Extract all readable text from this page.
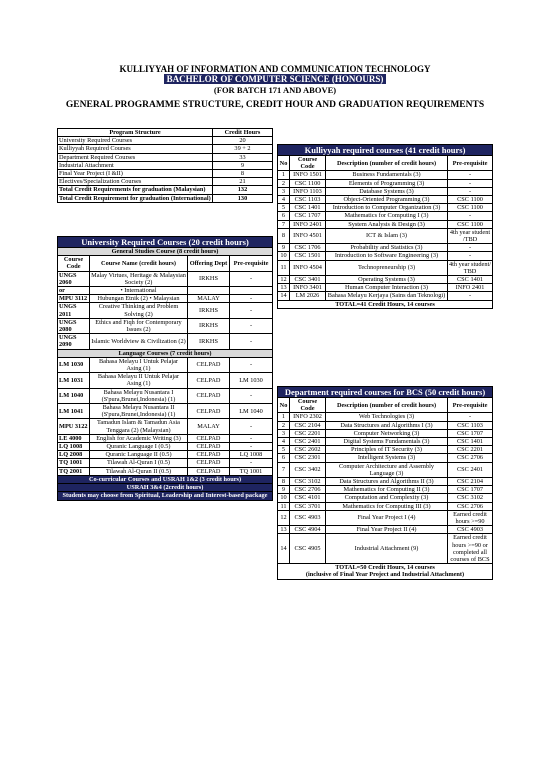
KULLIYYAH OF INFORMATION AND COMMUNICATION TECHNOLOGY
BACHELOR OF COMPUTER SCIENCE (HONOURS)
(FOR BATCH 171 AND ABOVE)
GENERAL PROGRAMME STRUCTURE, CREDIT HOUR AND GRADUATION REQUIREMENTS
Program Structure	Credit Hours
University Required Courses	20
Kulliyyah Required Courses	39 + 2
Department Required Courses	33
Industrial Attachment	9
Final Year Project (I &II)	8
Electives/Specialization Courses	21
Total Credit Requirements for graduation (Malaysian)	132
Total Credit Requirement for graduation (International)	130
University Required Courses (20 credit hours)			
General Studies Course (8 credit hours)			
Course Code	Course Name (credit hours)	Offering Dept	Pre-requisite
UNGS 2060	Malay Virtues, Heritage & Malaysian Society (2)	IRKHS	-
or	• International		
MPU 3112	Hubungan Etnik (2) • Malaysian	MALAY	-
UNGS 2011	Creative Thinking and Problem Solving (2)	IRKHS	-
UNGS 2080	Ethics and Fiqh for Contemporary Issues (2)	IRKHS	-
UNGS 2090	Islamic Worldview & Civilization (2)	IRKHS	-
Language Courses (7 credit hours)			
LM 1030	Bahasa Melayu I Untuk Pelajar Asing (1)	CELPAD	-
LM 1031	Bahasa Melayu II Untuk Pelajar Asing (1)	CELPAD	LM 1030
LM 1040	Bahasa Melayu Nusantara I (S'pura,Brunei,Indonesia) (1)	CELPAD	-
LM 1041	Bahasa Melayu Nusantara II (S'pura,Brunei,Indonesia) (1)	CELPAD	LM 1040
MPU 3122	Tamadun Islam & Tamadun Asia Tenggara (2) (Malaysian)	MALAY	-
LE 4000	English for Academic Writing (3)	CELPAD	-
LQ 1008	Quranic Language I (0.5)	CELPAD	-
LQ 2008	Quranic Language II (0.5)	CELPAD	LQ 1008
TQ 1001	Tilawah Al-Quran I (0.5)	CELPAD	-
TQ 2001	Tilawah Al-Quran II (0.5)	CELPAD	TQ 1001
Co-curricular Courses and USRAH 1&2 (3 credit hours)			
USRAH 3&4 (2credit hours)			
Students may choose from Spiritual, Leadership and Interest-based package			
Kulliyyah required courses (41 credit hours)			
No	Course Code	Description (number of credit hours)	Pre-requisite
1	INFO 1501	Business Fundamentals (3)	-
2	CSC 1100	Elements of Programming (3)	-
3	INFO 1103	Database Systems (3)	-
4	CSC 1103	Object-Oriented Programming (3)	CSC 1100
5	CSC 1401	Introduction to Computer Organization (3)	CSC 1100
6	CSC 1707	Mathematics for Computing I (3)	-
7	INFO 2401	System Analysis & Design (3)	CSC 1100
8	INFO 4501	ICT & Islam (3)	4th year student /TBD
9	CSC 1706	Probability and Statistics (3)	-
10	CSC 1501	Introduction to Software Engineering (3)	-
11	INFO 4504	Technopreneurship (3)	4th year student/ TBD
12	CSC 3401	Operating Systems (3)	CSC 1401
13	INFO 3401	Human Computer Interaction (3)	INFO 2401
14	LM 2026	Bahasa Melayu Kerjaya (Sains dan Teknologi)	-
TOTAL=41 Credit Hours, 14 courses			
Department required courses for BCS (50 credit hours)			
No	Course Code	Description (number of credit hours)	Pre-requisite
1	INFO 2302	Web Technologies (3)	-
2	CSC 2104	Data Structures and Algorithms I (3)	CSC 1103
3	CSC 2201	Computer Networking (3)	CSC 1707
4	CSC 2401	Digital Systems Fundamentals (3)	CSC 1401
5	CSC 2602	Principles of IT Security (3)	CSC 2201
6	CSC 2301	Intelligent Systems (3)	CSC 2706
7	CSC 3402	Computer Architecture and Assembly Language (3)	CSC 2401
8	CSC 3102	Data Structures and Algorithms II (3)	CSC 2104
9	CSC 2706	Mathematics for Computing II (3)	CSC 1707
10	CSC 4101	Computation and Complexity (3)	CSC 3102
11	CSC 3701	Mathematics for Computing III (3)	CSC 2706
12	CSC 4903	Final Year Project I (4)	Earned credit hours >=90
13	CSC 4904	Final Year Project II (4)	CSC 4903
14	CSC 4905	Industrial Attachment (9)	Earned credit hours >=90 or completed all courses of BCS

TOTAL=50 Credit Hours, 14 courses
(inclusive of Final Year Project and Industrial Attachment)			
